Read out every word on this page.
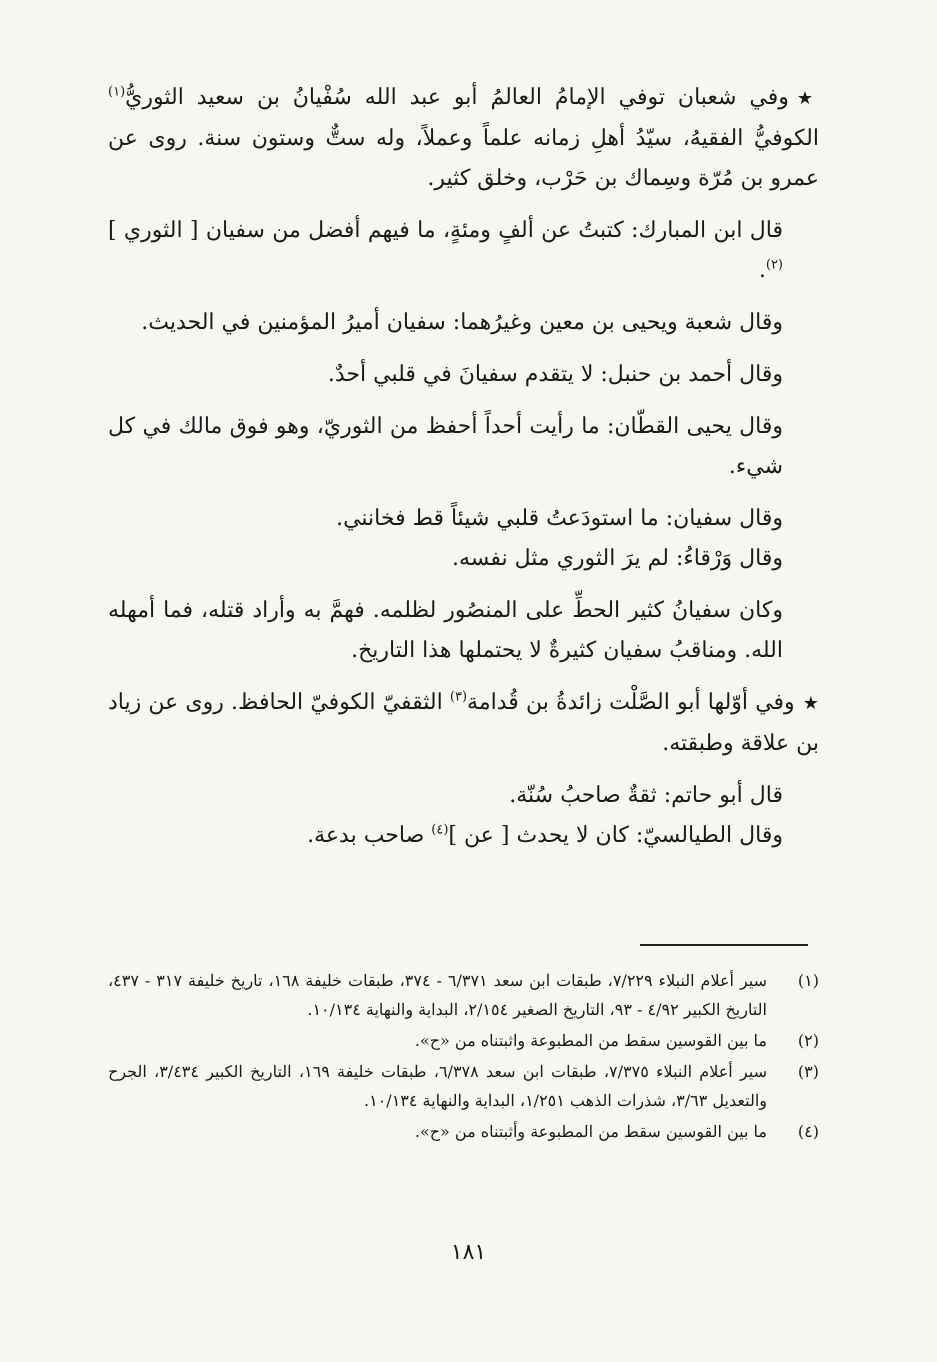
★وفي شعبان توفي الإمامُ العالمُ أبو عبد الله سُفْيانُ بن سعيد الثوريُّ$^{(١)}$ الكوفيُّ الفقيهُ، سيّدُ أهلِ زمانه علماً وعملاً، وله ستٌّ وستون سنة. روى عن عمرو بن مُرّة وسِماك بن حَرْب، وخلق كثير.

قال ابن المبارك: كتبتُ عن ألفٍ ومئةٍ، ما فيهم أفضل من سفيان [ الثوري ]$^{(٢)}$.

وقال شعبة ويحيى بن معين وغيرُهما: سفيان أميرُ المؤمنين في الحديث.

وقال أحمد بن حنبل: لا يتقدم سفيانَ في قلبي أحدٌ.

وقال يحيى القطّان: ما رأيت أحداً أحفظ من الثوريّ، وهو فوق مالك في كل شيء.

وقال سفيان: ما استودَعتُ قلبي شيئاً قط فخانني.

وقال وَرْقاءُ: لم يرَ الثوري مثل نفسه.

وكان سفيانُ كثير الحطِّ على المنصُور لظلمه. فهمَّ به وأراد قتله، فما أمهله الله. ومناقبُ سفيان كثيرةٌ لا يحتملها هذا التاريخ.

★وفي أوّلها أبو الصَّلْت زائدةُ بن قُدامة$^{(٣)}$ الثقفيّ الكوفيّ الحافظ. روى عن زياد بن علاقة وطبقته.

قال أبو حاتم: ثقةٌ صاحبُ سُنّة.

وقال الطيالسيّ: كان لا يحدث [ عن ]$^{(٤)}$ صاحب بدعة.

(١)
سير أعلام النبلاء ٧/٢٢٩، طبقات ابن سعد ٦/٣٧١ - ٣٧٤، طبقات خليفة ١٦٨، تاريخ خليفة ٣١٧ - ٤٣٧، التاريخ الكبير ٤/٩٢ - ٩٣، التاريخ الصغير ٢/١٥٤، البداية والنهاية ١٠/١٣٤.
(٢)
ما بين القوسين سقط من المطبوعة واثبتناه من «ح».
(٣)
سير أعلام النبلاء ٧/٣٧٥، طبقات ابن سعد ٦/٣٧٨، طبقات خليفة ١٦٩، التاريخ الكبير ٣/٤٣٤، الجرح والتعديل ٣/٦٣، شذرات الذهب ١/٢٥١، البداية والنهاية ١٠/١٣٤.
(٤)
ما بين القوسين سقط من المطبوعة وأثبتناه من «ح».
١٨١
